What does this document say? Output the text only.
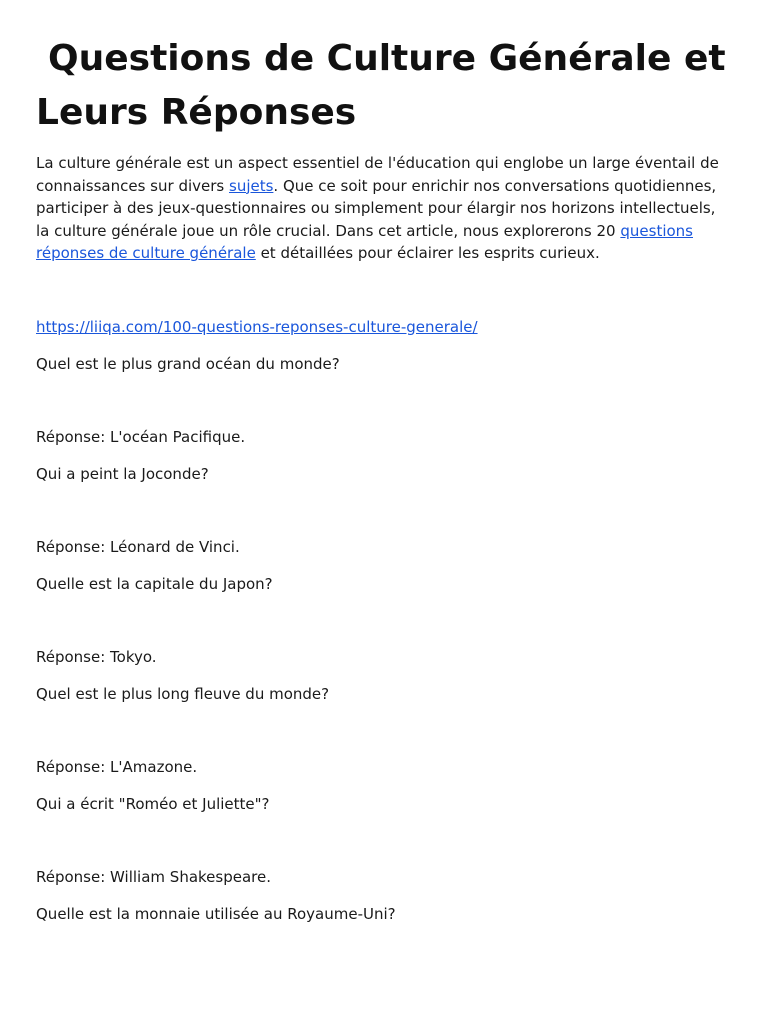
Questions de Culture Générale et
Leurs Réponses

La culture générale est un aspect essentiel de l'éducation qui englobe un large éventail de connaissances sur divers sujets. Que ce soit pour enrichir nos conversations quotidiennes, participer à des jeux-questionnaires ou simplement pour élargir nos horizons intellectuels, la culture générale joue un rôle crucial. Dans cet article, nous explorerons 20 questions réponses de culture générale et détaillées pour éclairer les esprits curieux.

https://liiqa.com/100-questions-reponses-culture-generale/
Quel est le plus grand océan du monde?
Réponse: L'océan Pacifique.
Qui a peint la Joconde?
Réponse: Léonard de Vinci.
Quelle est la capitale du Japon?
Réponse: Tokyo.
Quel est le plus long fleuve du monde?
Réponse: L'Amazone.
Qui a écrit "Roméo et Juliette"?
Réponse: William Shakespeare.
Quelle est la monnaie utilisée au Royaume-Uni?
